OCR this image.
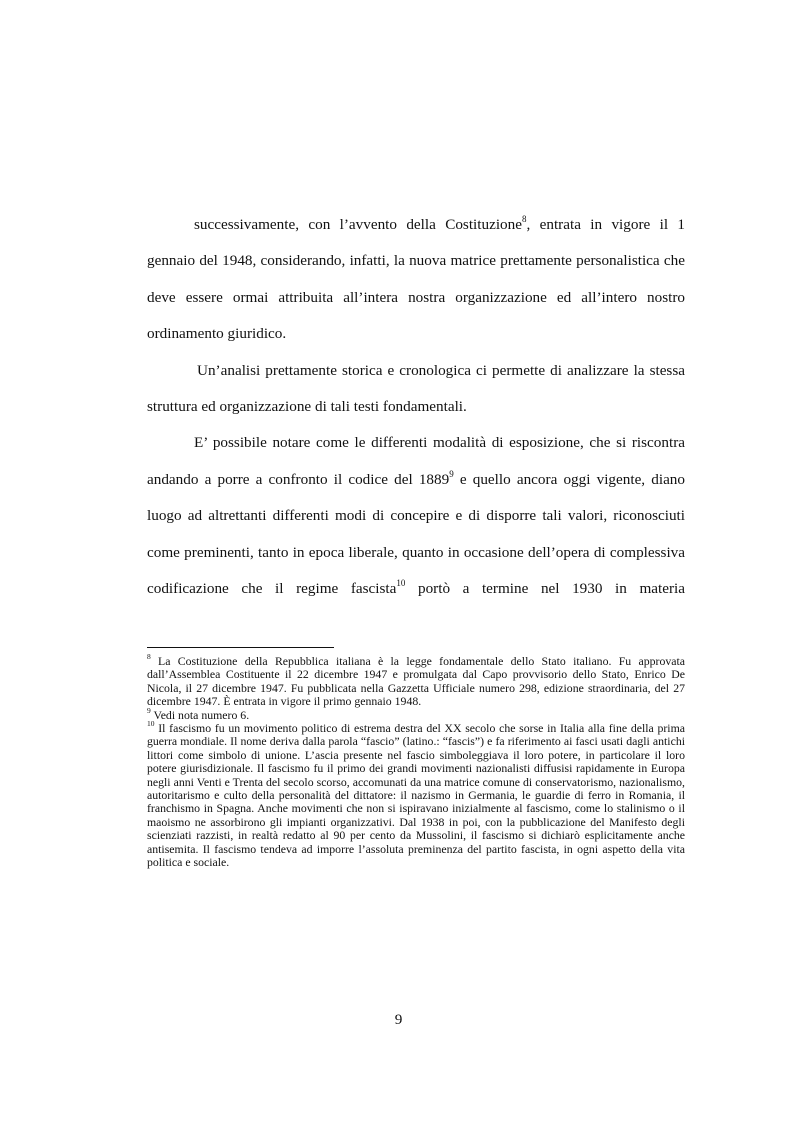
successivamente, con l’avvento della Costituzione$^8$, entrata in vigore il 1 gennaio del 1948, considerando, infatti, la nuova matrice prettamente personalistica che deve essere ormai attribuita all’intera nostra organizzazione ed all’intero nostro ordinamento giuridico.

Un’analisi prettamente storica e cronologica ci permette di analizzare la stessa struttura ed organizzazione di tali testi fondamentali.

E’ possibile notare come le differenti modalità di esposizione, che si riscontra andando a porre a confronto il codice del 1889$^9$ e quello ancora oggi vigente, diano luogo ad altrettanti differenti modi di concepire e di disporre tali valori, riconosciuti come preminenti, tanto in epoca liberale, quanto in occasione dell’opera di complessiva codificazione che il regime fascista$^{10}$ portò a termine nel 1930 in materia

$^8$ La Costituzione della Repubblica italiana è la legge fondamentale dello Stato italiano. Fu approvata dall’Assemblea Costituente il 22 dicembre 1947 e promulgata dal Capo provvisorio dello Stato, Enrico De Nicola, il 27 dicembre 1947. Fu pubblicata nella Gazzetta Ufficiale numero 298, edizione straordinaria, del 27 dicembre 1947. È entrata in vigore il primo gennaio 1948.

$^9$ Vedi nota numero 6.

$^{10}$ Il fascismo fu un movimento politico di estrema destra del XX secolo che sorse in Italia alla fine della prima guerra mondiale. Il nome deriva dalla parola “fascio” (latino.: “fascis”) e fa riferimento ai fasci usati dagli antichi littori come simbolo di unione. L’ascia presente nel fascio simboleggiava il loro potere, in particolare il loro potere giurisdizionale. Il fascismo fu il primo dei grandi movimenti nazionalisti diffusisi rapidamente in Europa negli anni Venti e Trenta del secolo scorso, accomunati da una matrice comune di conservatorismo, nazionalismo, autoritarismo e culto della personalità del dittatore: il nazismo in Germania, le guardie di ferro in Romania, il franchismo in Spagna. Anche movimenti che non si ispiravano inizialmente al fascismo, come lo stalinismo o il maoismo ne assorbirono gli impianti organizzativi. Dal 1938 in poi, con la pubblicazione del Manifesto degli scienziati razzisti, in realtà redatto al 90 per cento da Mussolini, il fascismo si dichiarò esplicitamente anche antisemita. Il fascismo tendeva ad imporre l’assoluta preminenza del partito fascista, in ogni aspetto della vita politica e sociale.

9
